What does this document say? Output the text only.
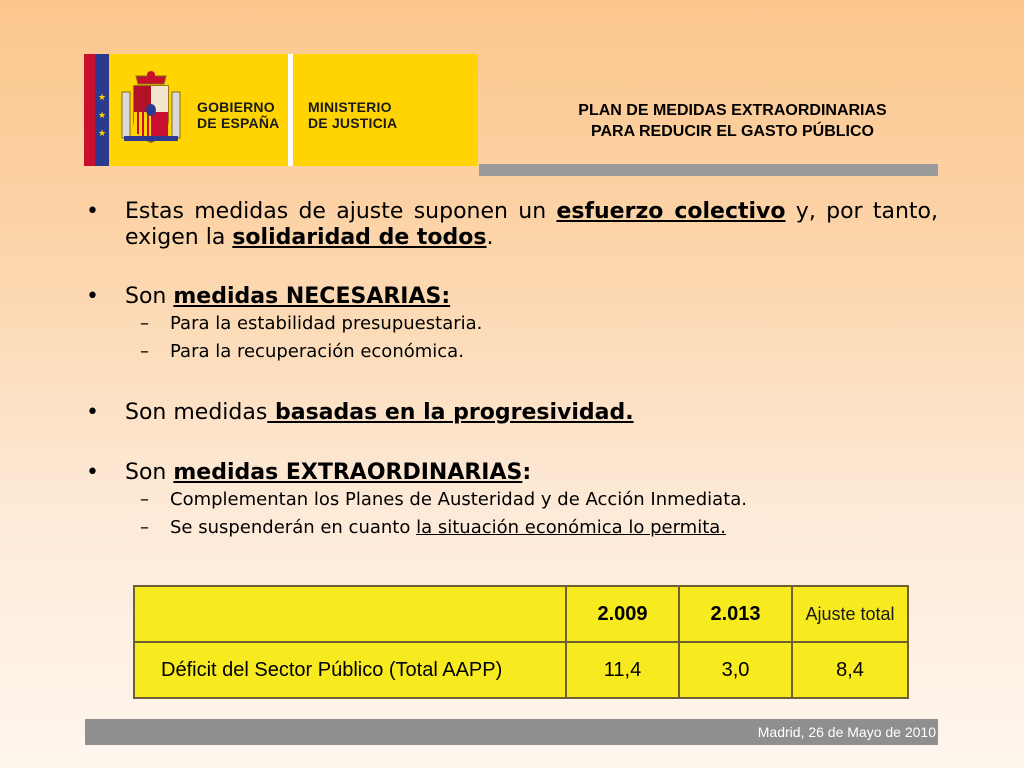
★
★
★
GOBIERNO
DE ESPAÑA
MINISTERIO
DE JUSTICIA
PLAN DE MEDIDAS EXTRAORDINARIAS
PARA REDUCIR EL GASTO PÚBLICO
• Estas medidas de ajuste suponen un esfuerzo colectivo y, por tanto, exigen la solidaridad de todos.
• Son medidas NECESARIAS:
– Para la estabilidad presupuestaria.
– Para la recuperación económica.
• Son medidas basadas en la progresividad.
• Son medidas EXTRAORDINARIAS:
– Complementan los Planes de Austeridad y de Acción Inmediata.
– Se suspenderán en cuanto la situación económica lo permita.
	2.009	2.013	Ajuste total
Déficit del Sector Público (Total AAPP)	11,4	3,0	8,4
Madrid, 26 de Mayo de 2010
